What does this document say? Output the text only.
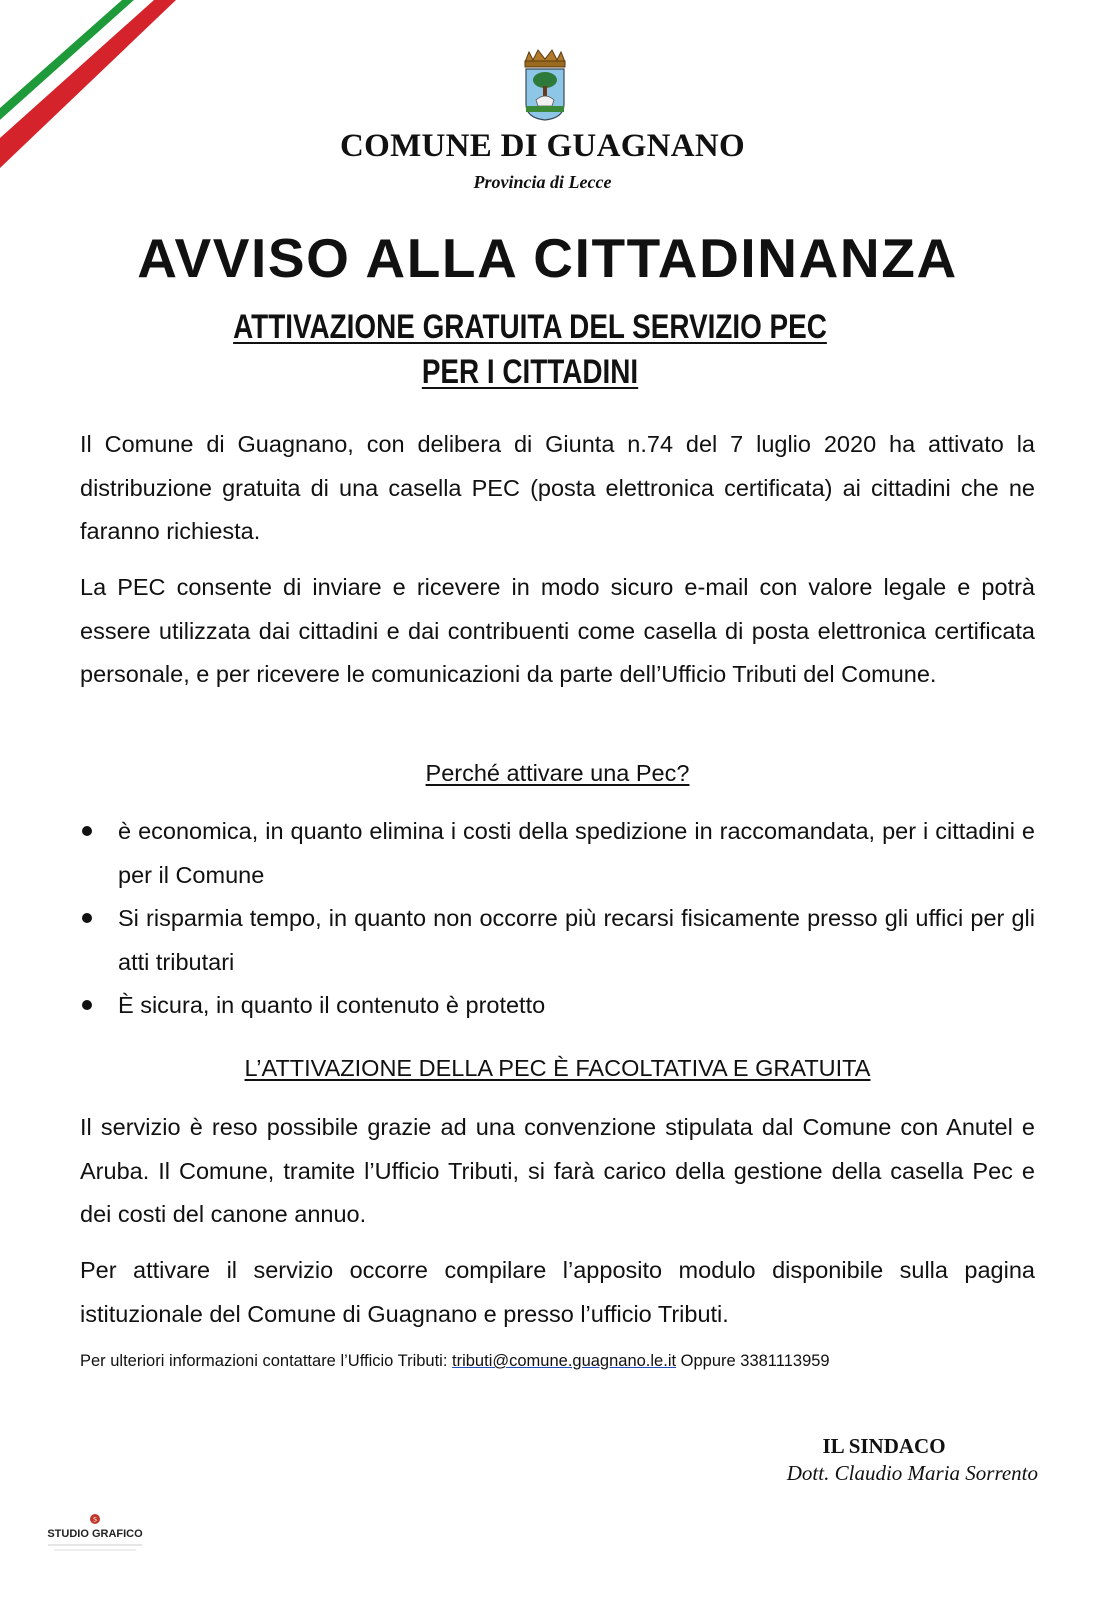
COMUNE DI GUAGNANO
Provincia di Lecce
AVVISO ALLA CITTADINANZA
ATTIVAZIONE GRATUITA DEL SERVIZIO PEC
PER I CITTADINI
Il Comune di Guagnano, con delibera di Giunta n.74 del 7 luglio 2020 ha attivato la distribuzione gratuita di una casella PEC (posta elettronica certificata) ai cittadini che ne faranno richiesta.
La PEC consente di inviare e ricevere in modo sicuro e-mail con valore legale e potrà essere utilizzata dai cittadini e dai contribuenti come casella di posta elettronica certificata personale, e per ricevere le comunicazioni da parte dell’Ufficio Tributi del Comune.
Perché attivare una Pec?
è economica, in quanto elimina i costi della spedizione in raccomandata, per i cittadini e per il Comune
Si risparmia tempo, in quanto non occorre più recarsi fisicamente presso gli uffici per gli atti tributari
È sicura, in quanto il contenuto è protetto
L’ATTIVAZIONE DELLA PEC È FACOLTATIVA E GRATUITA
Il servizio è reso possibile grazie ad una convenzione stipulata dal Comune con Anutel e Aruba. Il Comune, tramite l’Ufficio Tributi, si farà carico della gestione della casella Pec e dei costi del canone annuo.
Per attivare il servizio occorre compilare l’apposito modulo disponibile sulla pagina istituzionale del Comune di Guagnano e presso l’ufficio Tributi.
Per ulteriori informazioni contattare l’Ufficio Tributi: tributi@comune.guagnano.le.it Oppure 3381113959
IL SINDACO
Dott. Claudio Maria Sorrento
S
STUDIO GRAFICO
